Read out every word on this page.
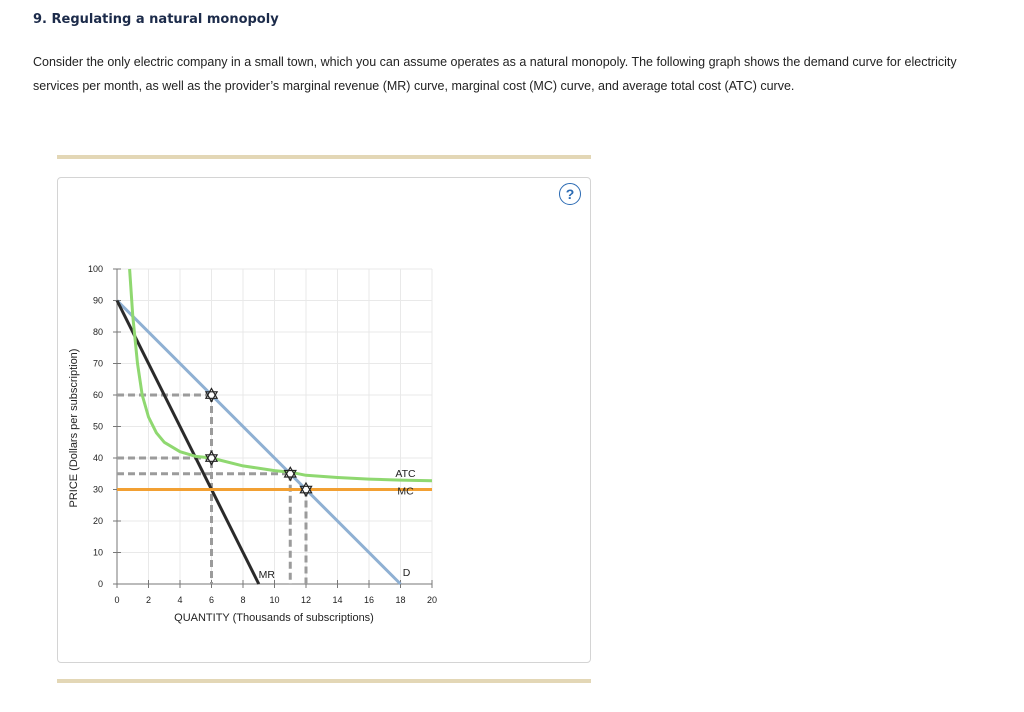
9. Regulating a natural monopoly
Consider the only electric company in a small town, which you can assume operates as a natural monopoly. The following graph shows the demand curve for electricity services per month, as well as the provider’s marginal revenue (MR) curve, marginal cost (MC) curve, and average total cost (ATC) curve.
?
0	2	4	6	8	10 12 14 16 18 20
0
10
20
30
40
50
60
70
80
90
100
QUANTITY (Thousands of subscriptions)
PRICE (Dollars per subscription)
D
MR
MC
ATC
